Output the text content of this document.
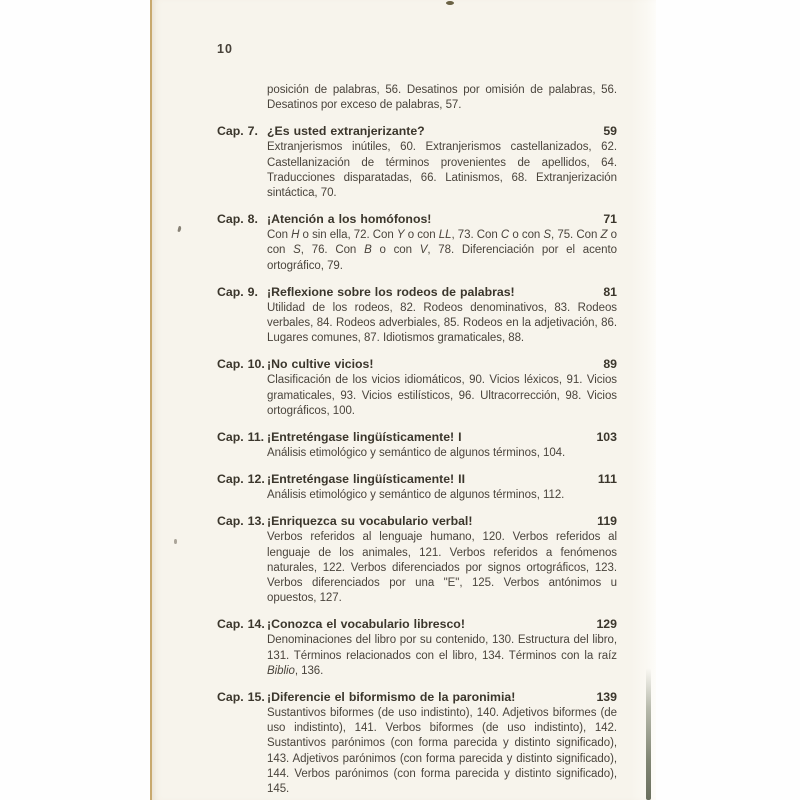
10

posición de palabras, 56. Desatinos por omisión de palabras, 56. Desatinos por exceso de palabras, 57.

Cap. 7. ¿Es usted extranjerizante?	59

Extranjerismos inútiles, 60. Extranjerismos castellanizados, 62. Castellanización de términos provenientes de apellidos, 64. Traducciones disparatadas, 66. Latinismos, 68. Extranjerización sintáctica, 70.

Cap. 8. ¡Atención a los homófonos!	71

Con H o sin ella, 72. Con Y o con LL, 73. Con C o con S, 75. Con Z o con S, 76. Con B o con V, 78. Diferenciación por el acento ortográfico, 79.

Cap. 9. ¡Reflexione sobre los rodeos de palabras!	81

Utilidad de los rodeos, 82. Rodeos denominativos, 83. Rodeos verbales, 84. Rodeos adverbiales, 85. Rodeos en la adjetivación, 86. Lugares comunes, 87. Idiotismos gramaticales, 88.

Cap. 10. ¡No cultive vicios!	89

Clasificación de los vicios idiomáticos, 90. Vicios léxicos, 91. Vicios gramaticales, 93. Vicios estilísticos, 96. Ultracorrección, 98. Vicios ortográficos, 100.

Cap. 11. ¡Entreténgase lingüísticamente! I	103

Análisis etimológico y semántico de algunos términos, 104.

Cap. 12. ¡Entreténgase lingüísticamente! II	111

Análisis etimológico y semántico de algunos términos, 112.

Cap. 13. ¡Enriquezca su vocabulario verbal!	119

Verbos referidos al lenguaje humano, 120. Verbos referidos al lenguaje de los animales, 121. Verbos referidos a fenómenos naturales, 122. Verbos diferenciados por signos ortográficos, 123. Verbos diferenciados por una "E", 125. Verbos antónimos u opuestos, 127.

Cap. 14. ¡Conozca el vocabulario libresco!	129

Denominaciones del libro por su contenido, 130. Estructura del libro, 131. Términos relacionados con el libro, 134. Términos con la raíz Biblio, 136.

Cap. 15. ¡Diferencie el biformismo de la paronimia!	139

Sustantivos biformes (de uso indistinto), 140. Adjetivos biformes (de uso indistinto), 141. Verbos biformes (de uso indistinto), 142. Sustantivos parónimos (con forma parecida y distinto significado), 143. Adjetivos parónimos (con forma parecida y distinto significado), 144. Verbos parónimos (con forma parecida y distinto significado), 145.
